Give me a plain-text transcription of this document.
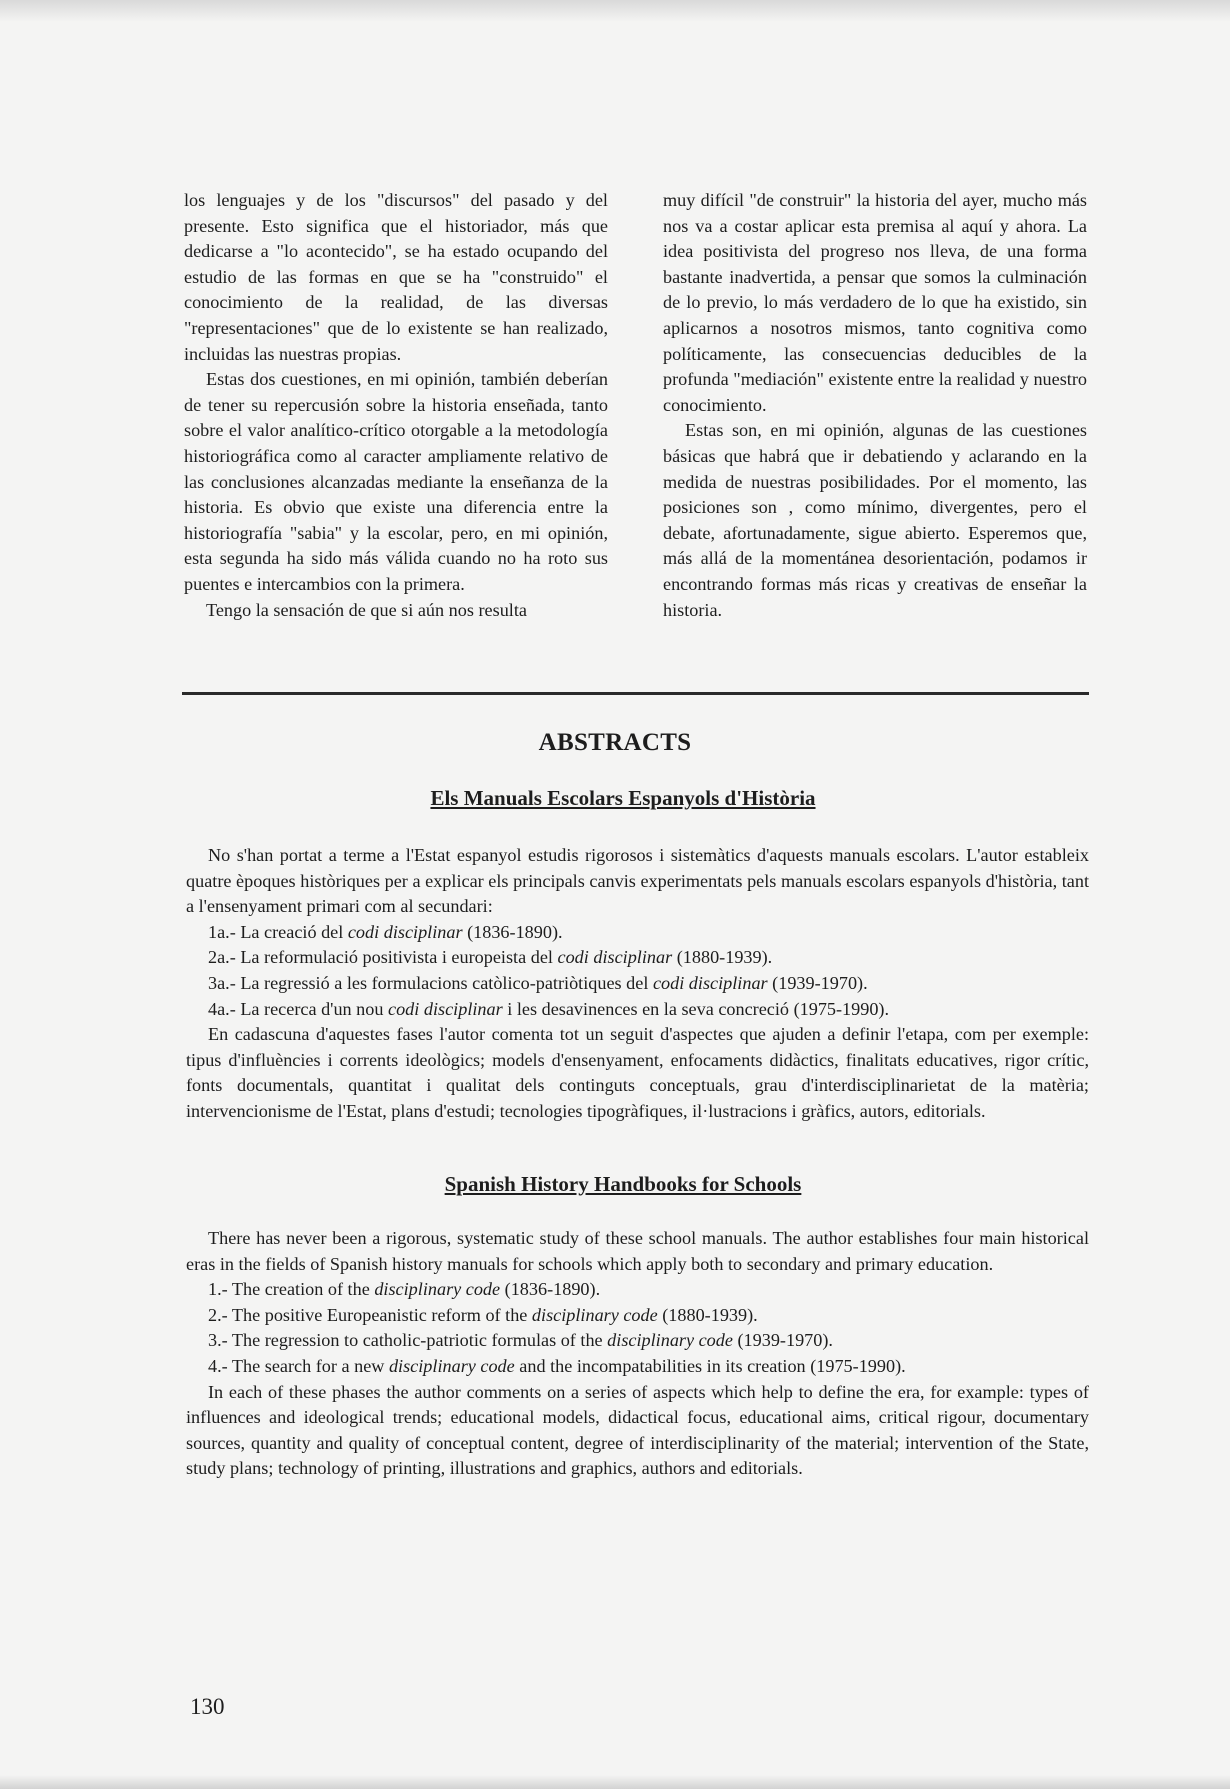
los lenguajes y de los "discursos" del pasado y del presente. Esto significa que el historiador, más que dedicarse a "lo acontecido", se ha estado ocupando del estudio de las formas en que se ha "construido" el conocimiento de la realidad, de las diversas "representaciones" que de lo existente se han realizado, incluidas las nuestras propias.

Estas dos cuestiones, en mi opinión, también deberían de tener su repercusión sobre la historia enseñada, tanto sobre el valor analítico-crítico otorgable a la metodología historiográfica como al caracter ampliamente relativo de las conclusiones alcanzadas mediante la enseñanza de la historia. Es obvio que existe una diferencia entre la historiografía "sabia" y la escolar, pero, en mi opinión, esta segunda ha sido más válida cuando no ha roto sus puentes e intercambios con la primera.

Tengo la sensación de que si aún nos resulta

muy difícil "de construir" la historia del ayer, mucho más nos va a costar aplicar esta premisa al aquí y ahora. La idea positivista del progreso nos lleva, de una forma bastante inadvertida, a pensar que somos la culminación de lo previo, lo más verdadero de lo que ha existido, sin aplicarnos a nosotros mismos, tanto cognitiva como políticamente, las consecuencias deducibles de la profunda "mediación" existente entre la realidad y nuestro conocimiento.

Estas son, en mi opinión, algunas de las cuestiones básicas que habrá que ir debatiendo y aclarando en la medida de nuestras posibilidades. Por el momento, las posiciones son , como mínimo, divergentes, pero el debate, afortunadamente, sigue abierto. Esperemos que, más allá de la momentánea desorientación, podamos ir encontrando formas más ricas y creativas de enseñar la historia.

ABSTRACTS
Els Manuals Escolars Espanyols d'Història

No s'han portat a terme a l'Estat espanyol estudis rigorosos i sistemàtics d'aquests manuals escolars. L'autor estableix quatre èpoques històriques per a explicar els principals canvis experimentats pels manuals escolars espanyols d'història, tant a l'ensenyament primari com al secundari:

1a.- La creació del codi disciplinar (1836-1890).

2a.- La reformulació positivista i europeista del codi disciplinar (1880-1939).

3a.- La regressió a les formulacions catòlico-patriòtiques del codi disciplinar (1939-1970).

4a.- La recerca d'un nou codi disciplinar i les desavinences en la seva concreció (1975-1990).

En cadascuna d'aquestes fases l'autor comenta tot un seguit d'aspectes que ajuden a definir l'etapa, com per exemple: tipus d'influències i corrents ideològics; models d'ensenyament, enfocaments didàctics, finalitats educatives, rigor crític, fonts documentals, quantitat i qualitat dels continguts conceptuals, grau d'interdisciplinarietat de la matèria; intervencionisme de l'Estat, plans d'estudi; tecnologies tipogràfiques, il·lustracions i gràfics, autors, editorials.

Spanish History Handbooks for Schools

There has never been a rigorous, systematic study of these school manuals. The author establishes four main historical eras in the fields of Spanish history manuals for schools which apply both to secondary and primary education.

1.- The creation of the disciplinary code (1836-1890).

2.- The positive Europeanistic reform of the disciplinary code (1880-1939).

3.- The regression to catholic-patriotic formulas of the disciplinary code (1939-1970).

4.- The search for a new disciplinary code and the incompatabilities in its creation (1975-1990).

In each of these phases the author comments on a series of aspects which help to define the era, for example: types of influences and ideological trends; educational models, didactical focus, educational aims, critical rigour, documentary sources, quantity and quality of conceptual content, degree of interdisciplinarity of the material; intervention of the State, study plans; technology of printing, illustrations and graphics, authors and editorials.

130
